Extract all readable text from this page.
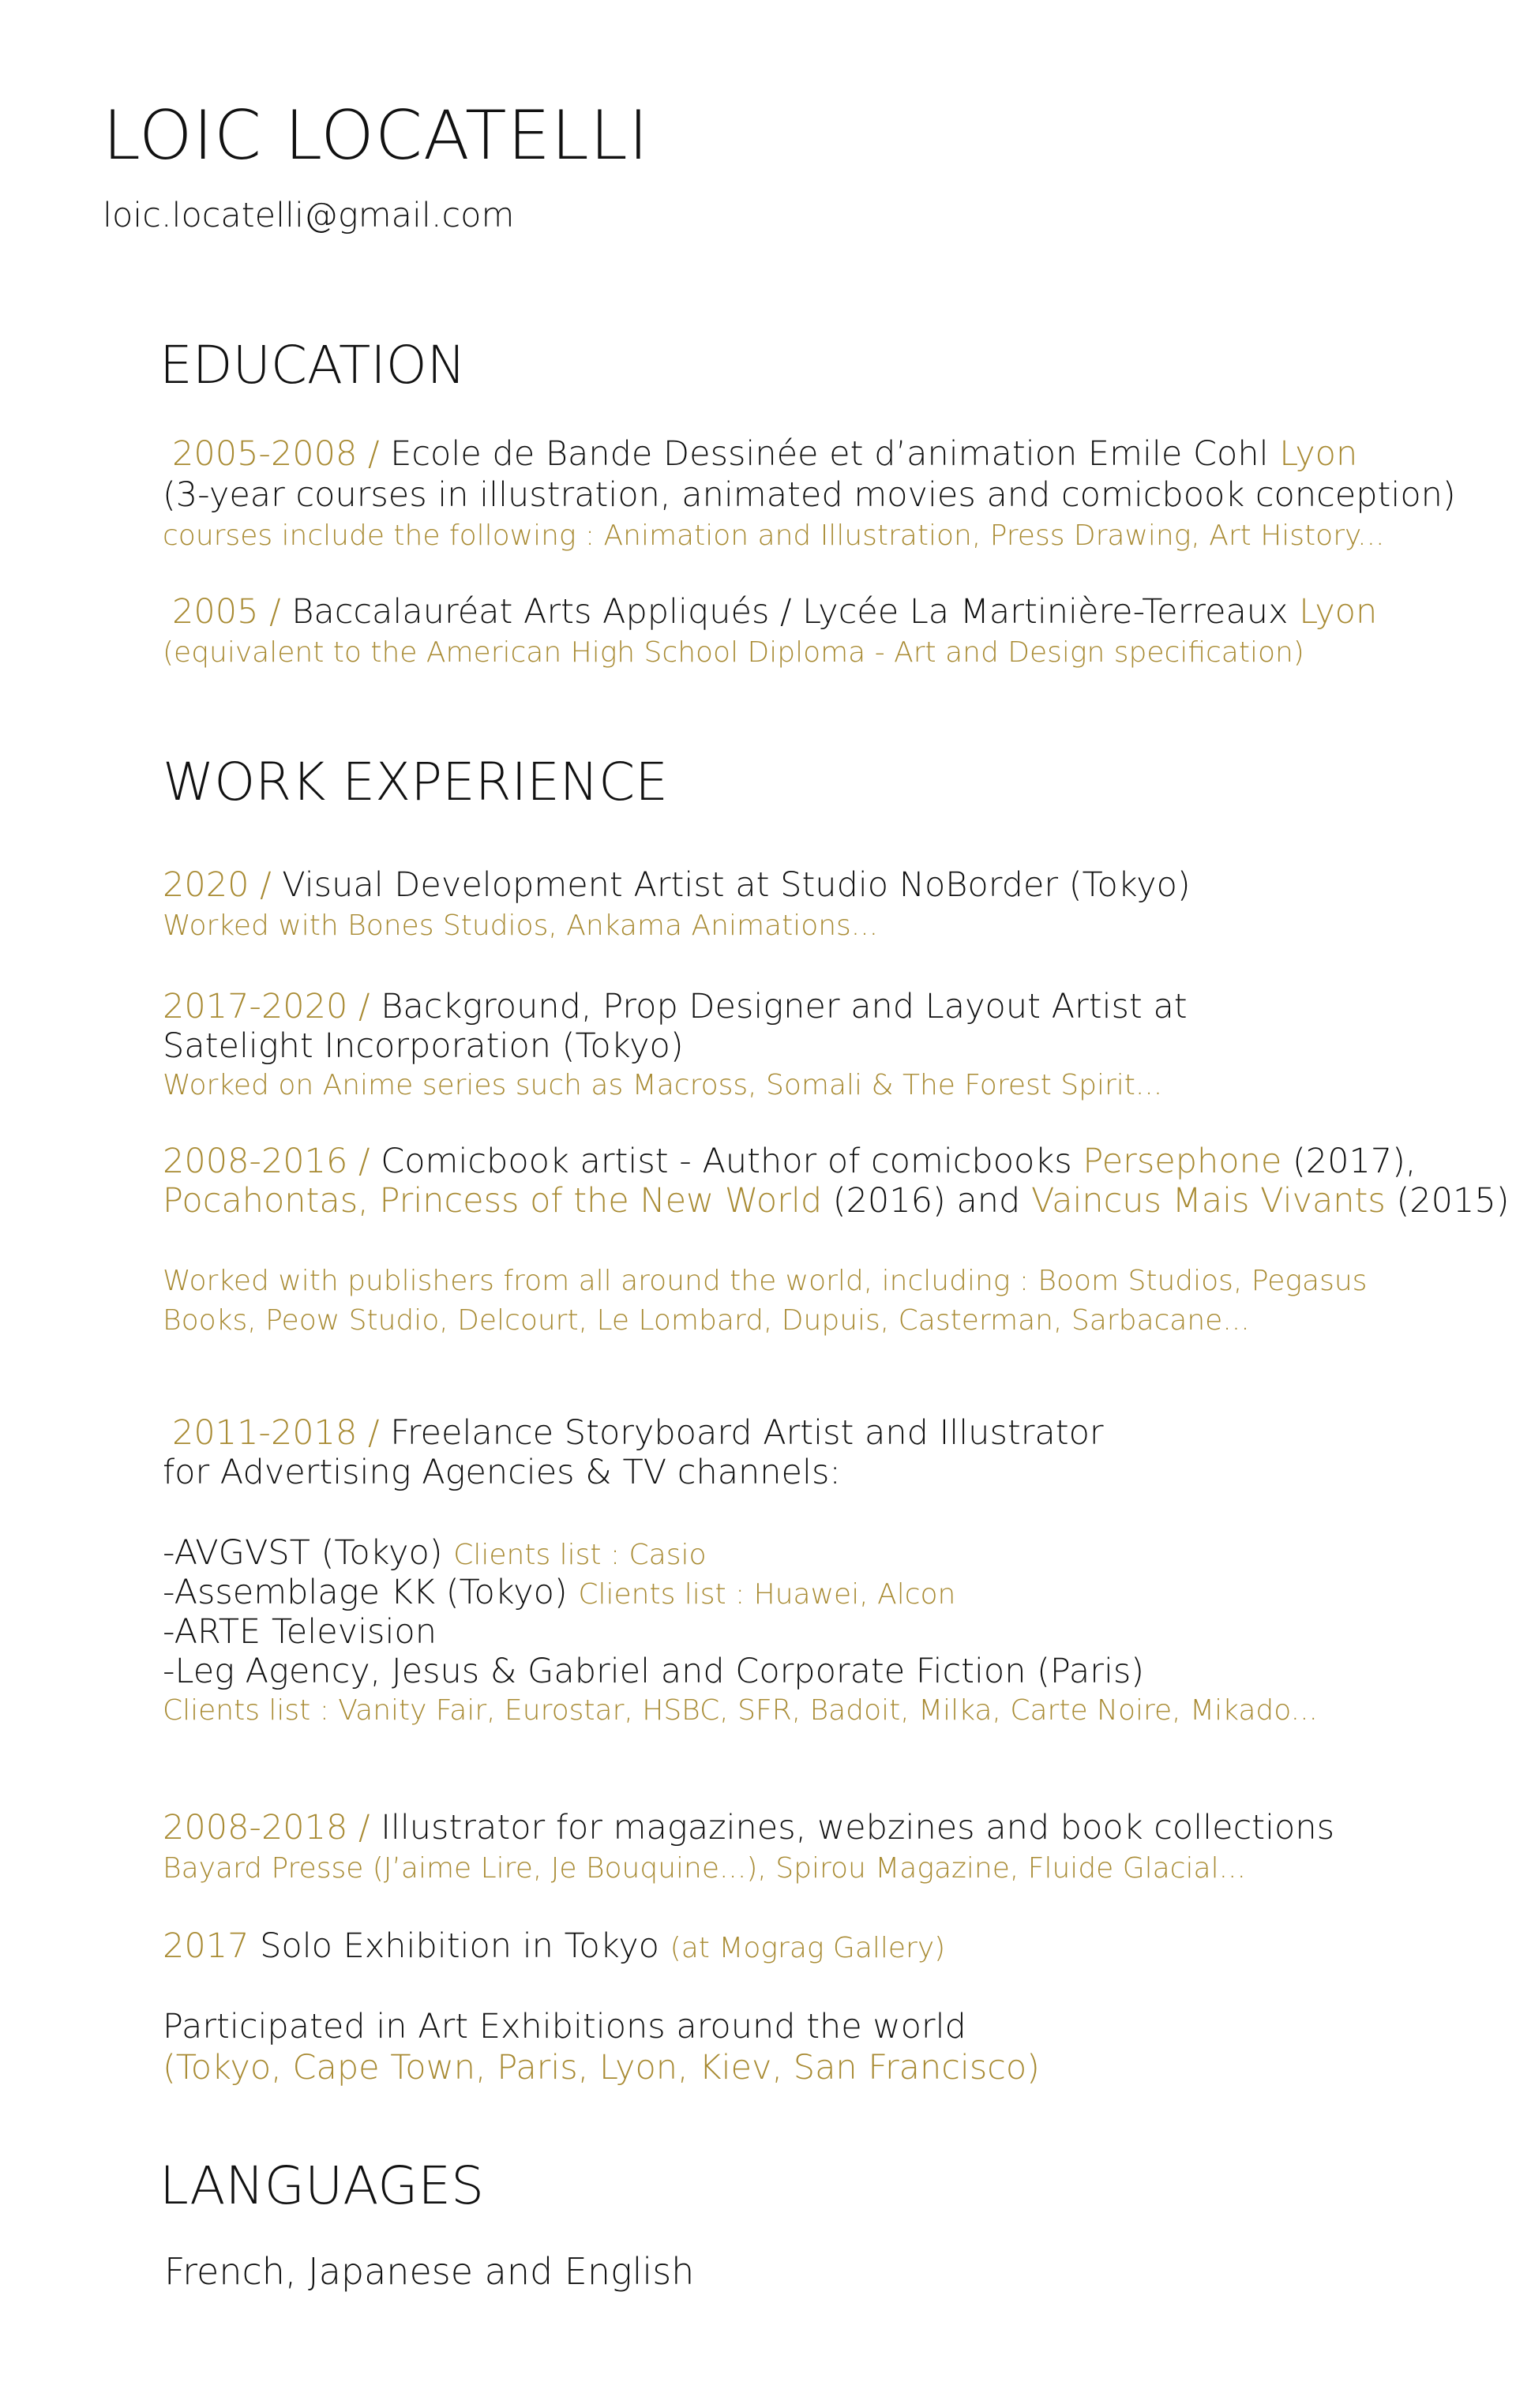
LOIC LOCATELLI
loic.locatelli@gmail.com
EDUCATION
2005-2008 / Ecole de Bande Dessinée et d’animation Emile Cohl Lyon
(3-year courses in illustration, animated movies and comicbook conception)
courses include the following : Animation and Illustration, Press Drawing, Art History...
2005 / Baccalauréat Arts Appliqués / Lycée La Martinière-Terreaux Lyon
(equivalent to the American High School Diploma - Art and Design specification)
WORK EXPERIENCE
2020 / Visual Development Artist at Studio NoBorder (Tokyo)
Worked with Bones Studios, Ankama Animations...
2017-2020 / Background, Prop Designer and Layout Artist at
Satelight Incorporation (Tokyo)
Worked on Anime series such as Macross, Somali & The Forest Spirit...
2008-2016 / Comicbook artist - Author of comicbooks Persephone (2017),
Pocahontas, Princess of the New World (2016) and Vaincus Mais Vivants (2015)
Worked with publishers from all around the world, including : Boom Studios, Pegasus
Books, Peow Studio, Delcourt, Le Lombard, Dupuis, Casterman, Sarbacane...
2011-2018 / Freelance Storyboard Artist and Illustrator
for Advertising Agencies & TV channels:
-AVGVST (Tokyo) Clients list : Casio
-Assemblage KK (Tokyo) Clients list : Huawei, Alcon
-ARTE Television
-Leg Agency, Jesus & Gabriel and Corporate Fiction (Paris)
Clients list : Vanity Fair, Eurostar, HSBC, SFR, Badoit, Milka, Carte Noire, Mikado...
2008-2018 / Illustrator for magazines, webzines and book collections
Bayard Presse (J’aime Lire, Je Bouquine...), Spirou Magazine, Fluide Glacial...
2017 Solo Exhibition in Tokyo (at Mograg Gallery)
Participated in Art Exhibitions around the world
(Tokyo, Cape Town, Paris, Lyon, Kiev, San Francisco)
LANGUAGES
French, Japanese and English
